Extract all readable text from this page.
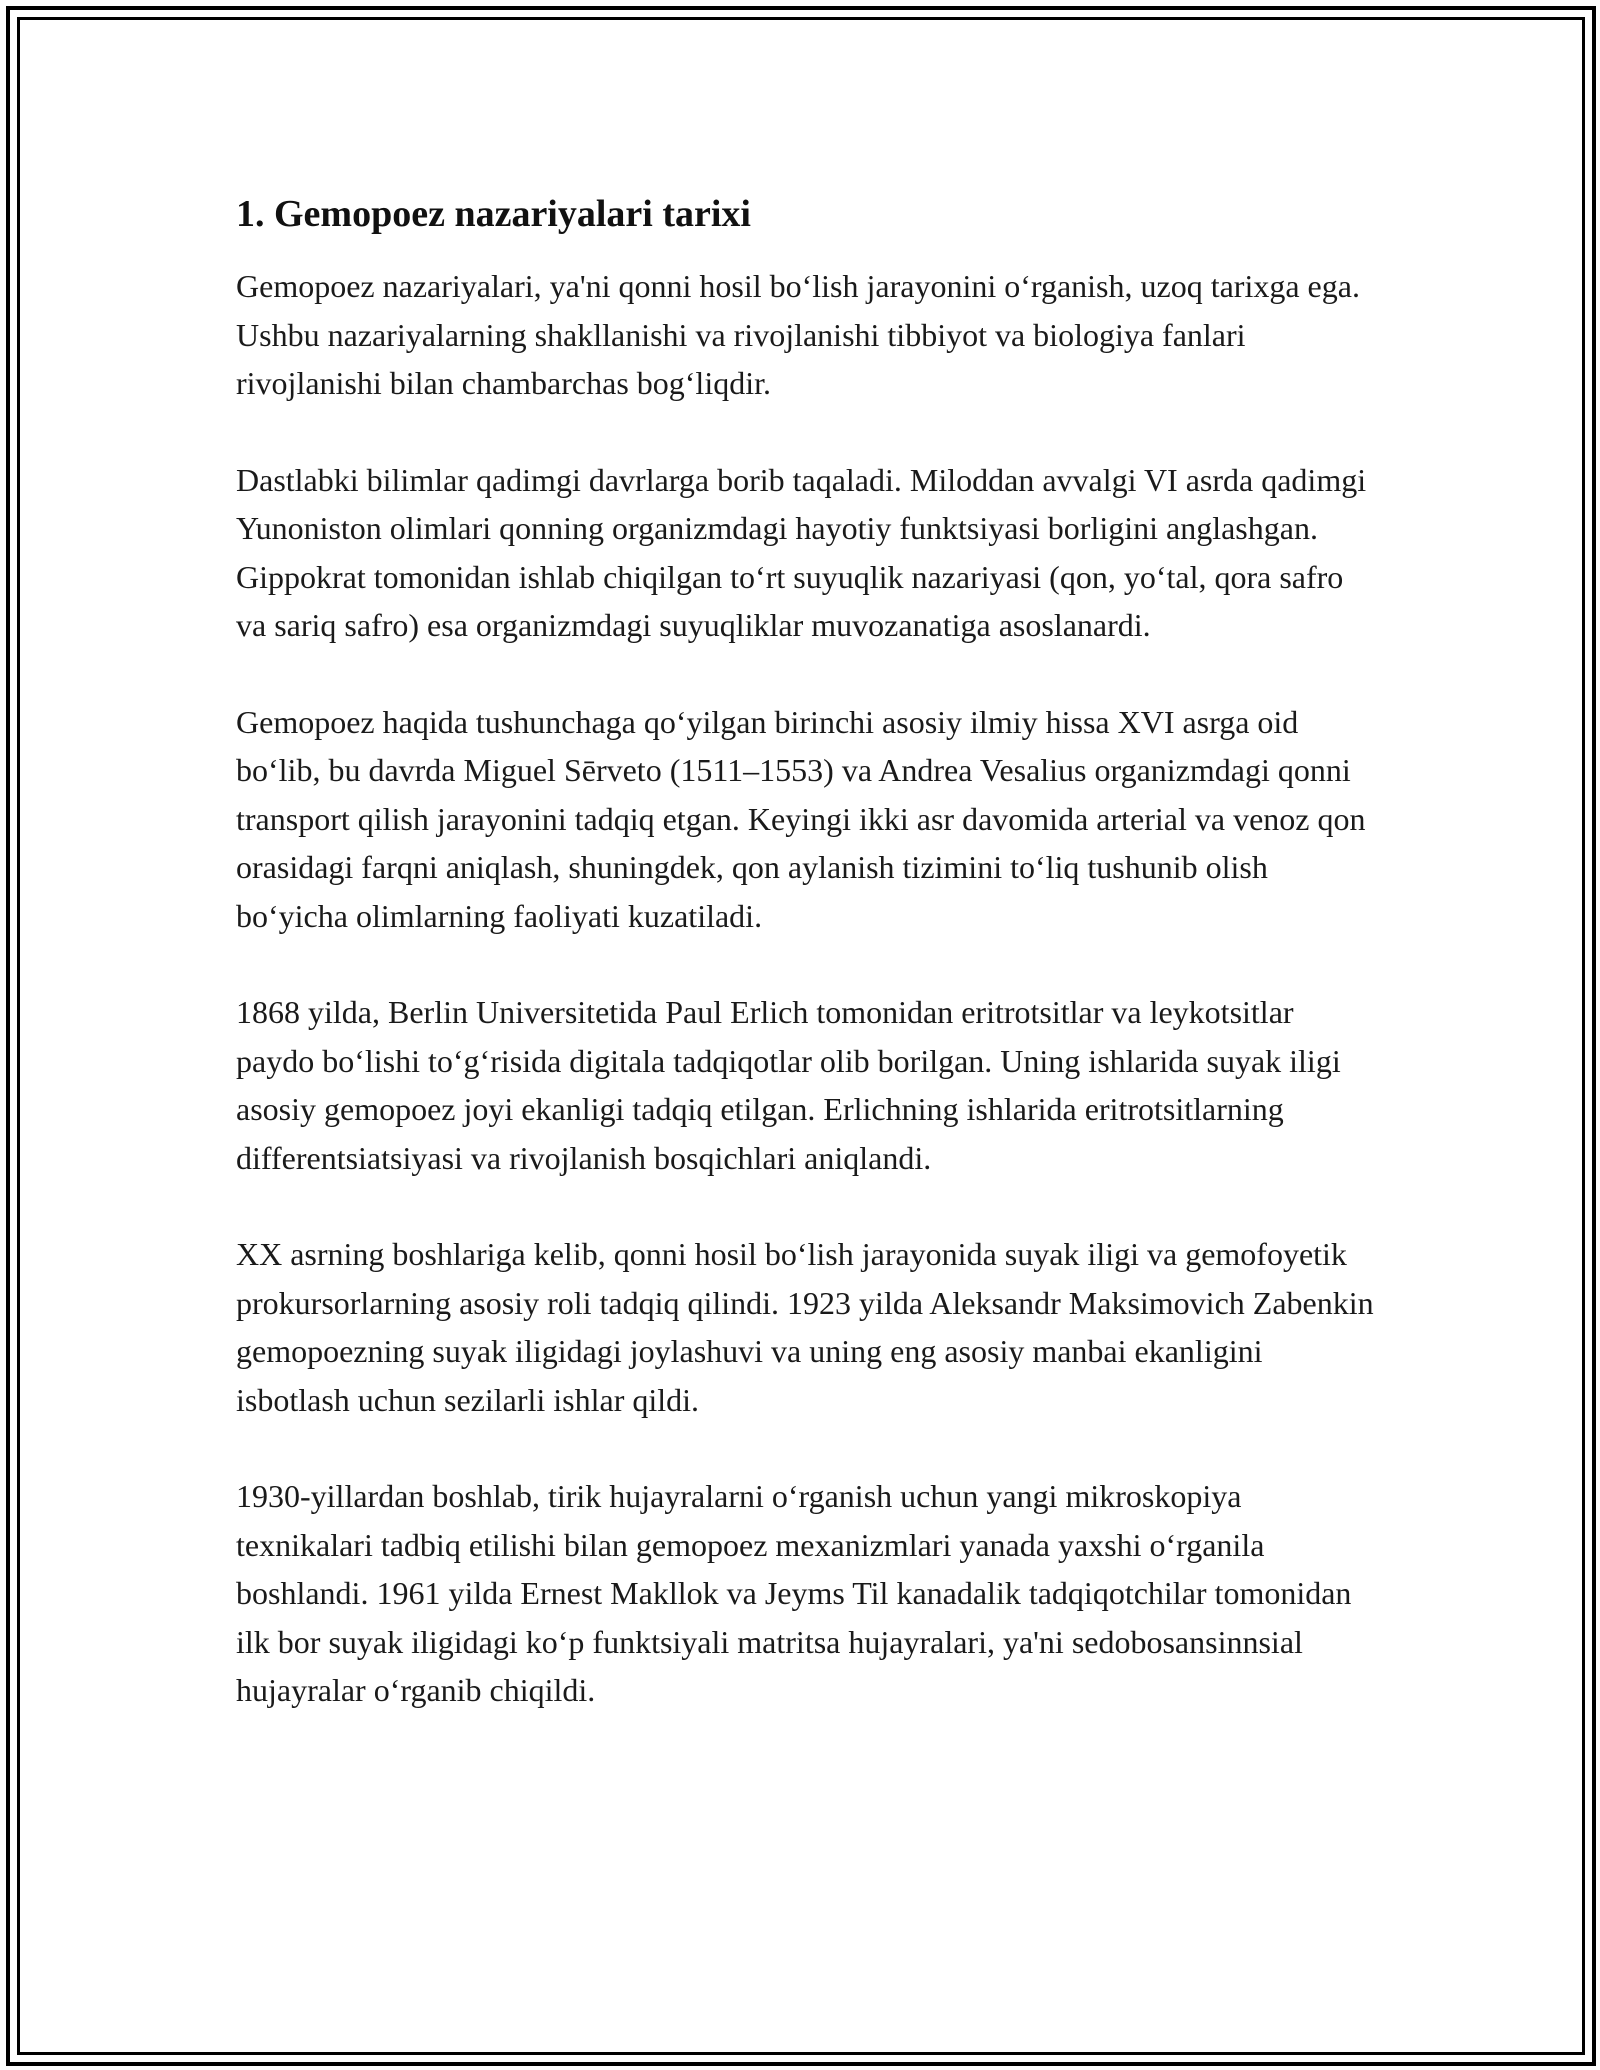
1. Gemopoez nazariyalari tarixi

Gemopoez nazariyalari, ya'ni qonni hosil bo‘lish jarayonini o‘rganish, uzoq tarixga ega. Ushbu nazariyalarning shakllanishi va rivojlanishi tibbiyot va biologiya fanlari rivojlanishi bilan chambarchas bog‘liqdir.

Dastlabki bilimlar qadimgi davrlarga borib taqaladi. Miloddan avvalgi VI asrda qadimgi Yunoniston olimlari qonning organizmdagi hayotiy funktsiyasi borligini anglashgan. Gippokrat tomonidan ishlab chiqilgan to‘rt suyuqlik nazariyasi (qon, yo‘tal, qora safro va sariq safro) esa organizmdagi suyuqliklar muvozanatiga asoslanardi.

Gemopoez haqida tushunchaga qo‘yilgan birinchi asosiy ilmiy hissa XVI asrga oid bo‘lib, bu davrda Miguel Sērveto (1511–1553) va Andrea Vesalius organizmdagi qonni transport qilish jarayonini tadqiq etgan. Keyingi ikki asr davomida arterial va venoz qon orasidagi farqni aniqlash, shuningdek, qon aylanish tizimini to‘liq tushunib olish bo‘yicha olimlarning faoliyati kuzatiladi.

1868 yilda, Berlin Universitetida Paul Erlich tomonidan eritrotsitlar va leykotsitlar paydo bo‘lishi to‘g‘risida digitala tadqiqotlar olib borilgan. Uning ishlarida suyak iligi asosiy gemopoez joyi ekanligi tadqiq etilgan. Erlichning ishlarida eritrotsitlarning differentsiatsiyasi va rivojlanish bosqichlari aniqlandi.

XX asrning boshlariga kelib, qonni hosil bo‘lish jarayonida suyak iligi va gemofoyetik prokursorlarning asosiy roli tadqiq qilindi. 1923 yilda Aleksandr Maksimovich Zabenkin gemopoezning suyak iligidagi joylashuvi va uning eng asosiy manbai ekanligini isbotlash uchun sezilarli ishlar qildi.

1930-yillardan boshlab, tirik hujayralarni o‘rganish uchun yangi mikroskopiya texnikalari tadbiq etilishi bilan gemopoez mexanizmlari yanada yaxshi o‘rganila boshlandi. 1961 yilda Ernest Makllok va Jeyms Til kanadalik tadqiqotchilar tomonidan ilk bor suyak iligidagi ko‘p funktsiyali matritsa hujayralari, ya'ni sedobosansinnsial hujayralar o‘rganib chiqildi.
